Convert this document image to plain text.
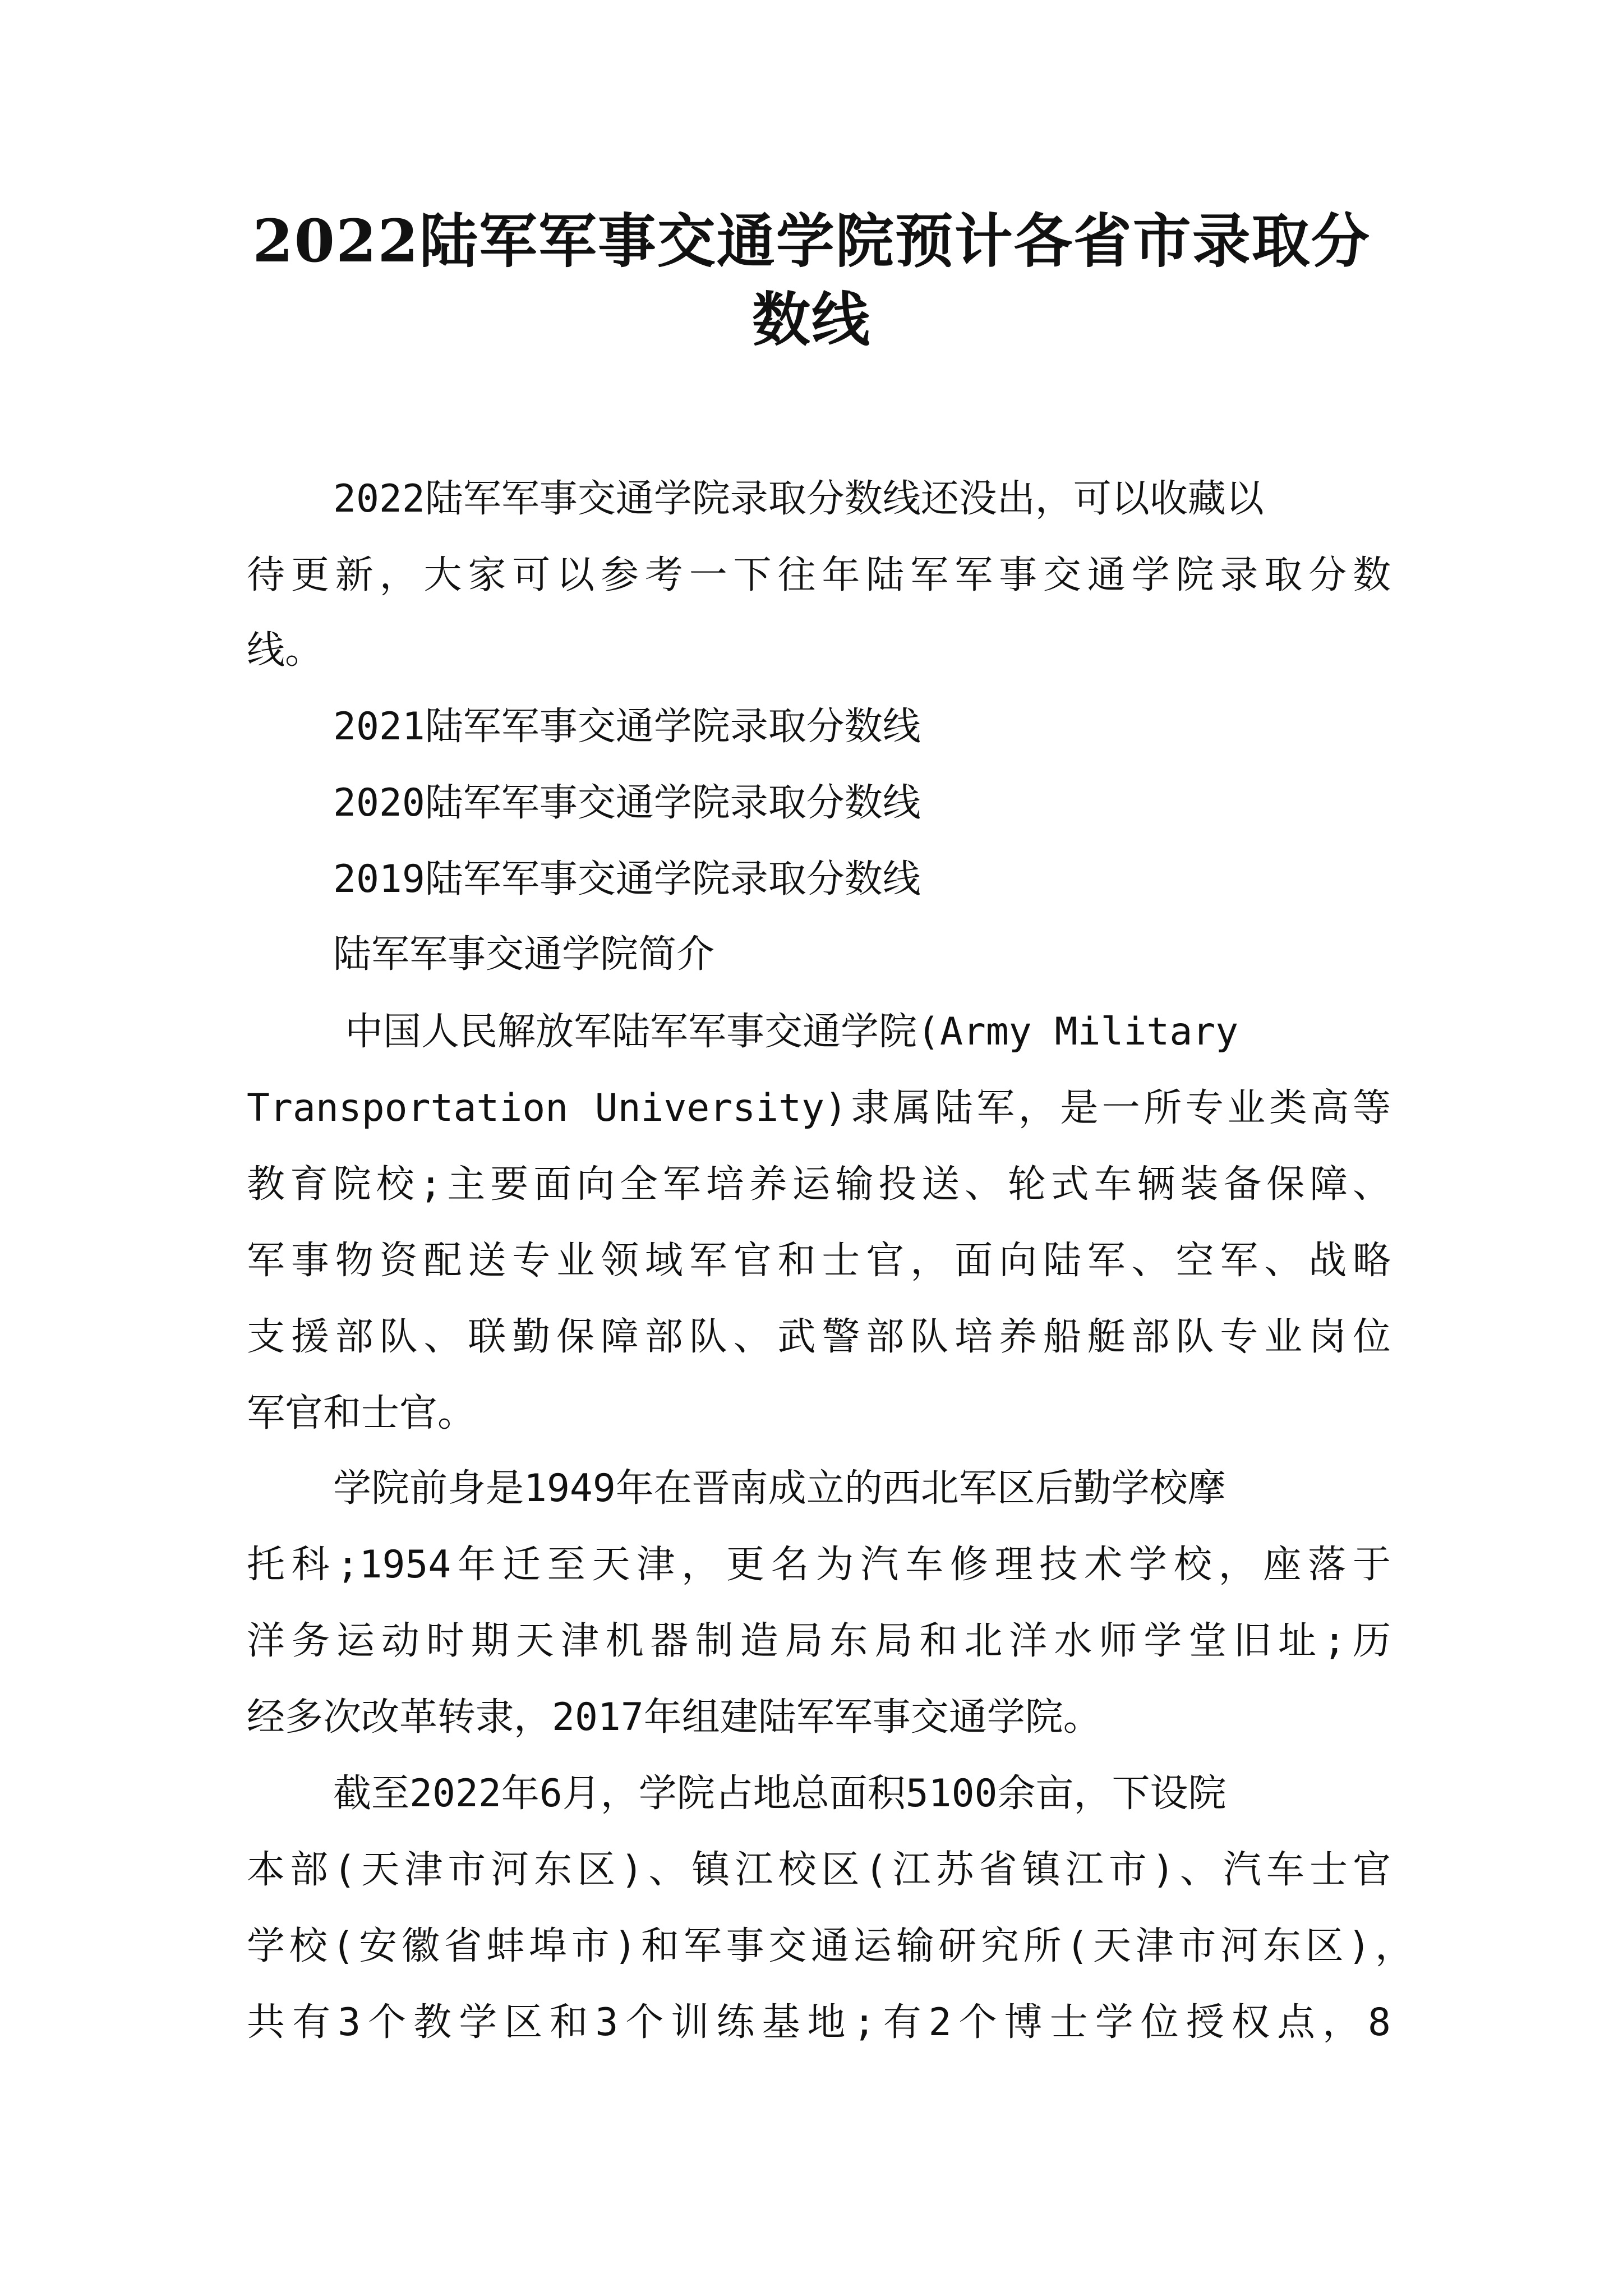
2022陆军军事交通学院预计各省市录取分
数线

2022陆军军事交通学院录取分数线还没出，可以收藏以

待更新，大家可以参考一下往年陆军军事交通学院录取分数

线。

2021陆军军事交通学院录取分数线

2020陆军军事交通学院录取分数线

2019陆军军事交通学院录取分数线

陆军军事交通学院简介

中国人民解放军陆军军事交通学院(Army Military

Transportation University)隶属陆军，是一所专业类高等

教育院校;主要面向全军培养运输投送、轮式车辆装备保障、

军事物资配送专业领域军官和士官，面向陆军、空军、战略

支援部队、联勤保障部队、武警部队培养船艇部队专业岗位

军官和士官。

学院前身是1949年在晋南成立的西北军区后勤学校摩

托科;1954年迁至天津，更名为汽车修理技术学校，座落于

洋务运动时期天津机器制造局东局和北洋水师学堂旧址;历

经多次改革转隶，2017年组建陆军军事交通学院。

截至2022年6月，学院占地总面积5100余亩，下设院

本部(天津市河东区)、镇江校区(江苏省镇江市)、汽车士官

学校(安徽省蚌埠市)和军事交通运输研究所(天津市河东区)，

共有3个教学区和3个训练基地;有2个博士学位授权点，8
